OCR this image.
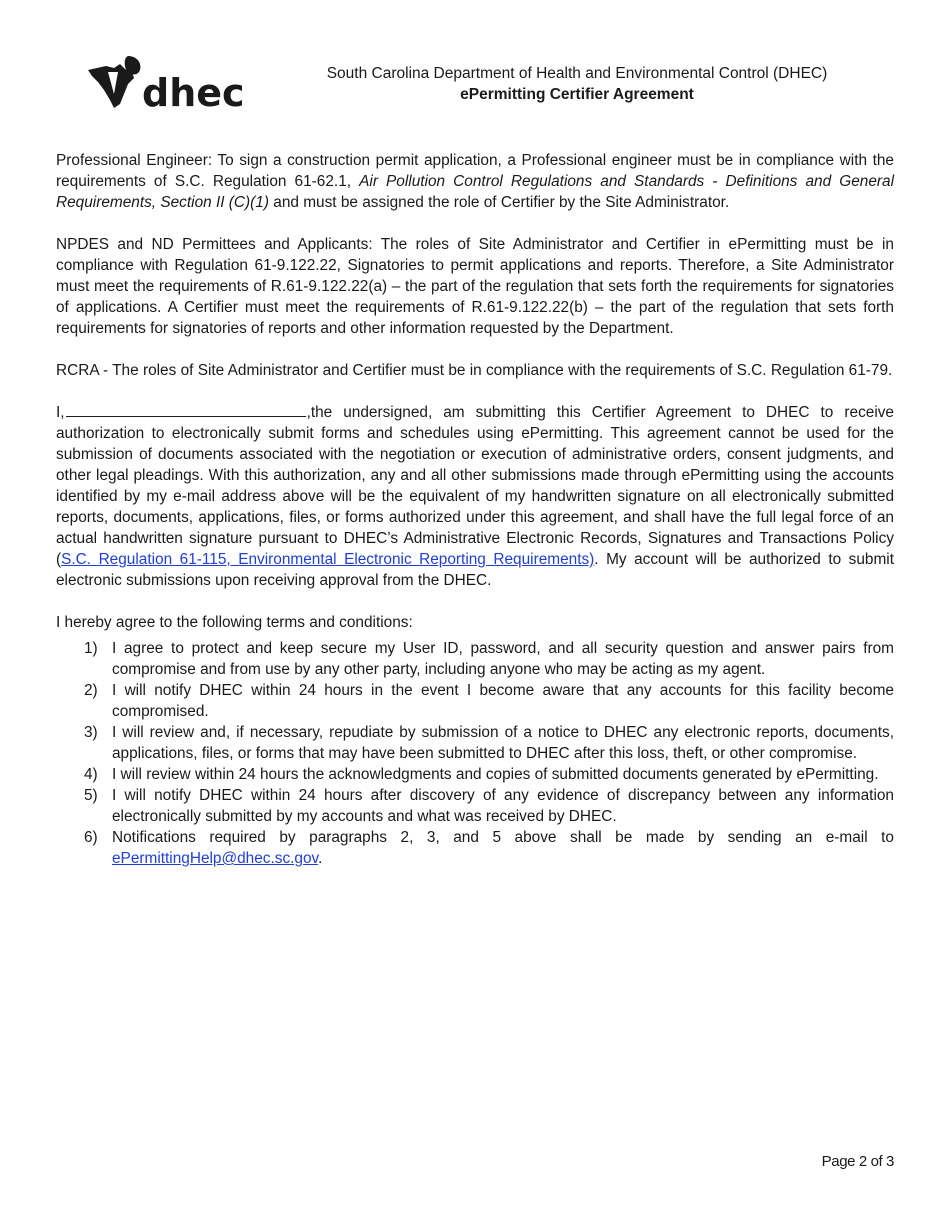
dhec	South Carolina Department of Health and Environmental Control (DHEC)
ePermitting Certifier Agreement

Professional Engineer: To sign a construction permit application, a Professional engineer must be in compliance with the requirements of S.C. Regulation 61-62.1, Air Pollution Control Regulations and Standards - Definitions and General Requirements, Section II (C)(1) and must be assigned the role of Certifier by the Site Administrator.

NPDES and ND Permittees and Applicants: The roles of Site Administrator and Certifier in ePermitting must be in compliance with Regulation 61-9.122.22, Signatories to permit applications and reports. Therefore, a Site Administrator must meet the requirements of R.61-9.122.22(a) – the part of the regulation that sets forth the requirements for signatories of applications. A Certifier must meet the requirements of R.61-9.122.22(b) – the part of the regulation that sets forth requirements for signatories of reports and other information requested by the Department.

RCRA - The roles of Site Administrator and Certifier must be in compliance with the requirements of S.C. Regulation 61-79.

I,	,the undersigned, am submitting this Certifier Agreement to DHEC to receive authorization to electronically submit forms and schedules using ePermitting. This agreement cannot be used for the submission of documents associated with the negotiation or execution of administrative orders, consent judgments, and other legal pleadings. With this authorization, any and all other submissions made through ePermitting using the accounts identified by my e-mail address above will be the equivalent of my handwritten signature on all electronically submitted reports, documents, applications, files, or forms authorized under this agreement, and shall have the full legal force of an actual handwritten signature pursuant to DHEC’s Administrative Electronic Records, Signatures and Transactions Policy (S.C. Regulation 61-115, Environmental Electronic Reporting Requirements). My account will be authorized to submit electronic submissions upon receiving approval from the DHEC.

I hereby agree to the following terms and conditions:

1) I agree to protect and keep secure my User ID, password, and all security question and answer pairs from compromise and from use by any other party, including anyone who may be acting as my agent.
2) I will notify DHEC within 24 hours in the event I become aware that any accounts for this facility become compromised.
3) I will review and, if necessary, repudiate by submission of a notice to DHEC any electronic reports, documents, applications, files, or forms that may have been submitted to DHEC after this loss, theft, or other compromise.
4) I will review within 24 hours the acknowledgments and copies of submitted documents generated by ePermitting.
5) I will notify DHEC within 24 hours after discovery of any evidence of discrepancy between any information electronically submitted by my accounts and what was received by DHEC.
6) Notifications required by paragraphs 2, 3, and 5 above shall be made by sending an e-mail to ePermittingHelp@dhec.sc.gov.
Page 2 of 3
